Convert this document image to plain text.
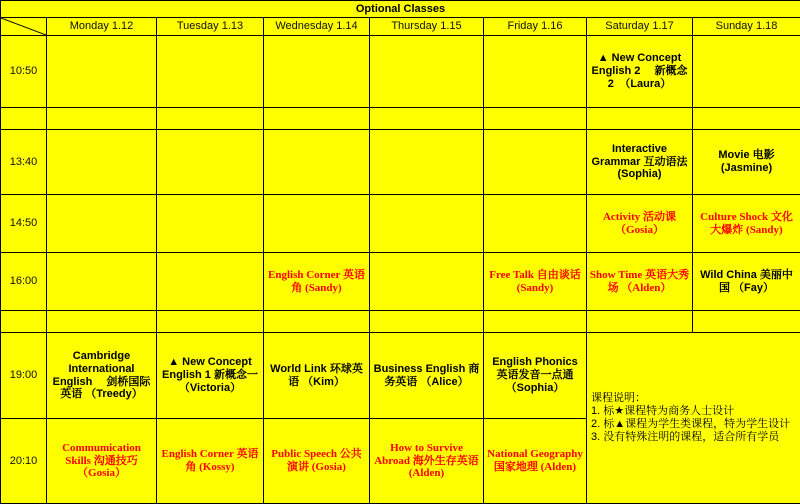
Optional Classes							

	Monday 1.12	Tuesday 1.13	Wednesday 1.14	Thursday 1.15	Friday 1.16	Saturday 1.17	Sunday 1.18
10:50						▲ New Concept English 2　 新概念2　（Laura）	

13:40						Interactive Grammar 互动语法 (Sophia)	Movie 电影 (Jasmine)

14:50						Activity 活动课 （Gosia）	Culture Shock 文化大爆炸 (Sandy)

16:00			English Corner 英语角 (Sandy)		Free Talk 自由谈话 (Sandy)	Show Time 英语大秀场 （Alden）	Wild China 美丽中国 （Fay）

19:00	Cambridge International English　 剑桥国际英语 （Treedy）	▲ New Concept English 1 新概念一 （Victoria）	World Link 环球英语 （Kim）	Business English 商务英语 （Alice）	English Phonics 英语发音一点通 （Sophia）	课程说明：
1. 标★课程特为商务人士设计
2. 标▲课程为学生类课程，特为学生设计
3. 没有特殊注明的课程，适合所有学员	

20:10	Commumication Skills 沟通技巧 （Gosia）	English Corner 英语角 (Kossy)	Public Speech 公共演讲 (Gosia)	How to Survive Abroad 海外生存英语 (Alden)	National Geography 国家地理 (Alden)		
